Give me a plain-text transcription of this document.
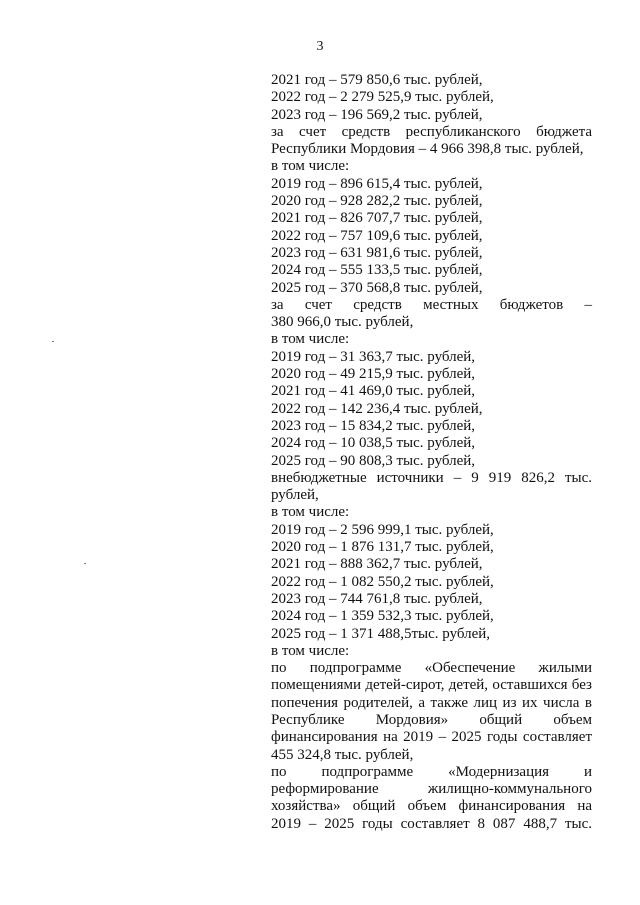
3
2021 год – 579 850,6 тыс. рублей,
2022 год – 2 279 525,9 тыс. рублей,
2023 год – 196 569,2 тыс. рублей,
за счет средств республиканского бюджета
Республики Мордовия – 4 966 398,8 тыс. рублей,
в том числе:
2019 год – 896 615,4 тыс. рублей,
2020 год – 928 282,2 тыс. рублей,
2021 год – 826 707,7 тыс. рублей,
2022 год – 757 109,6 тыс. рублей,
2023 год – 631 981,6 тыс. рублей,
2024 год – 555 133,5 тыс. рублей,
2025 год – 370 568,8 тыс. рублей,
за счет средств местных бюджетов –
380 966,0 тыс. рублей,
в том числе:
2019 год – 31 363,7 тыс. рублей,
2020 год – 49 215,9 тыс. рублей,
2021 год – 41 469,0 тыс. рублей,
2022 год – 142 236,4 тыс. рублей,
2023 год – 15 834,2 тыс. рублей,
2024 год – 10 038,5 тыс. рублей,
2025 год – 90 808,3 тыс. рублей,
внебюджетные источники – 9 919 826,2 тыс.
рублей,
в том числе:
2019 год – 2 596 999,1 тыс. рублей,
2020 год – 1 876 131,7 тыс. рублей,
2021 год – 888 362,7 тыс. рублей,
2022 год – 1 082 550,2 тыс. рублей,
2023 год – 744 761,8 тыс. рублей,
2024 год – 1 359 532,3 тыс. рублей,
2025 год – 1 371 488,5тыс. рублей,
в том числе:
по подпрограмме «Обеспечение жилыми
помещениями детей-сирот, детей, оставшихся без
попечения родителей, а также лиц из их числа в
Республике Мордовия» общий объем
финансирования на 2019 – 2025 годы составляет
455 324,8 тыс. рублей,
по подпрограмме «Модернизация и
реформирование жилищно-коммунального
хозяйства» общий объем финансирования на
2019 – 2025 годы составляет 8 087 488,7 тыс.
